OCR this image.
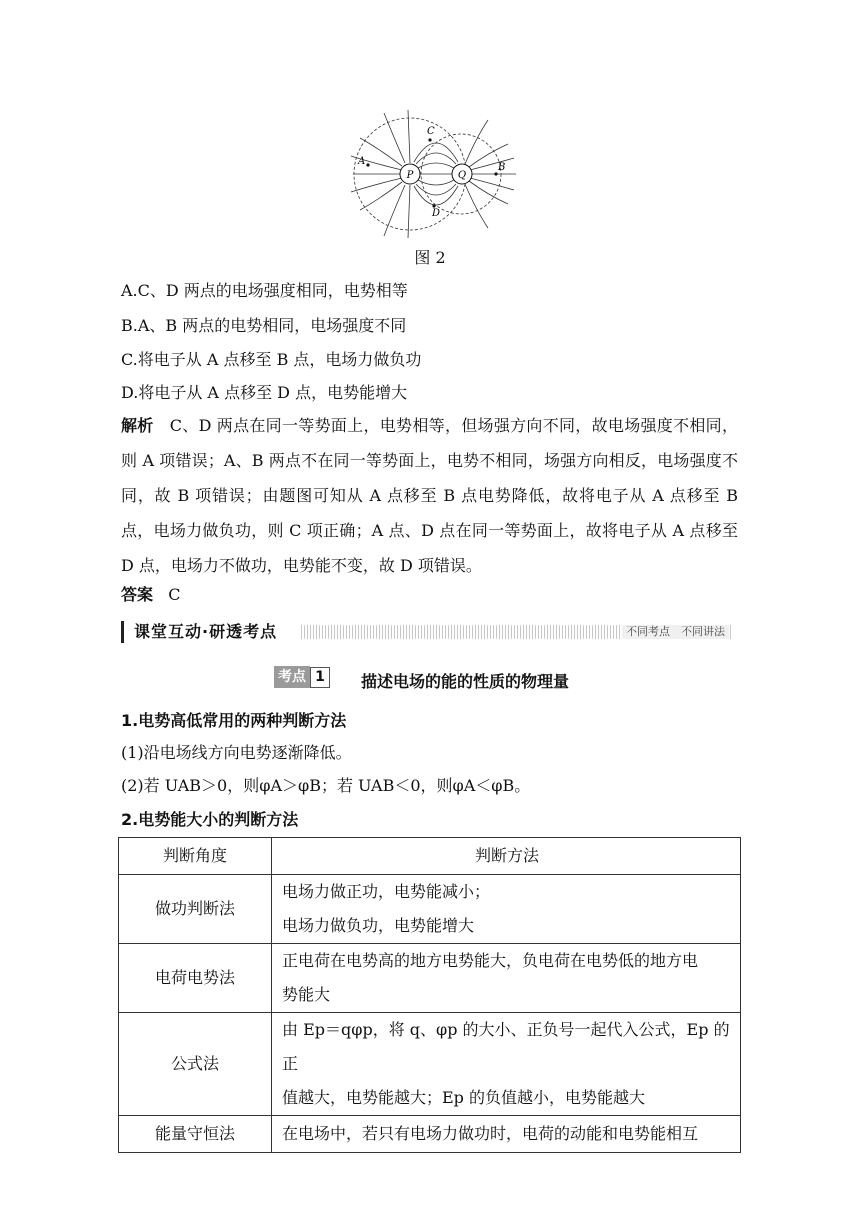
P	Q
A
B
C
D
图 2
A.C、D 两点的电场强度相同，电势相等
B.A、B 两点的电势相同，电场强度不同
C.将电子从 A 点移至 B 点，电场力做负功
D.将电子从 A 点移至 D 点，电势能增大
解析 C、D 两点在同一等势面上，电势相等，但场强方向不同，故电场强度不相同，则 A 项错误；A、B 两点不在同一等势面上，电势不相同，场强方向相反，电场强度不同，故 B 项错误；由题图可知从 A 点移至 B 点电势降低，故将电子从 A 点移至 B 点，电场力做负功，则 C 项正确；A 点、D 点在同一等势面上，故将电子从 A 点移至 D 点，电场力不做功，电势能不变，故 D 项错误。
答案 C
课堂互动·研透考点	不同考点　不同讲法
考点 1	描述电场的能的性质的物理量
1.电势高低常用的两种判断方法
(1)沿电场线方向电势逐渐降低。
(2)若 UAB＞0，则φA＞φB；若 UAB＜0，则φA＜φB。
2.电势能大小的判断方法
判断角度	判断方法
做功判断法	电场力做正功，电势能减小；
电场力做负功，电势能增大

电荷电势法	正电荷在电势高的地方电势能大，负电荷在电势低的地方电
势能大

公式法	由 Ep＝qφp，将 q、φp 的大小、正负号一起代入公式，Ep 的正
值越大，电势能越大；Ep 的负值越小，电势能越大

能量守恒法	在电场中，若只有电场力做功时，电荷的动能和电势能相互
